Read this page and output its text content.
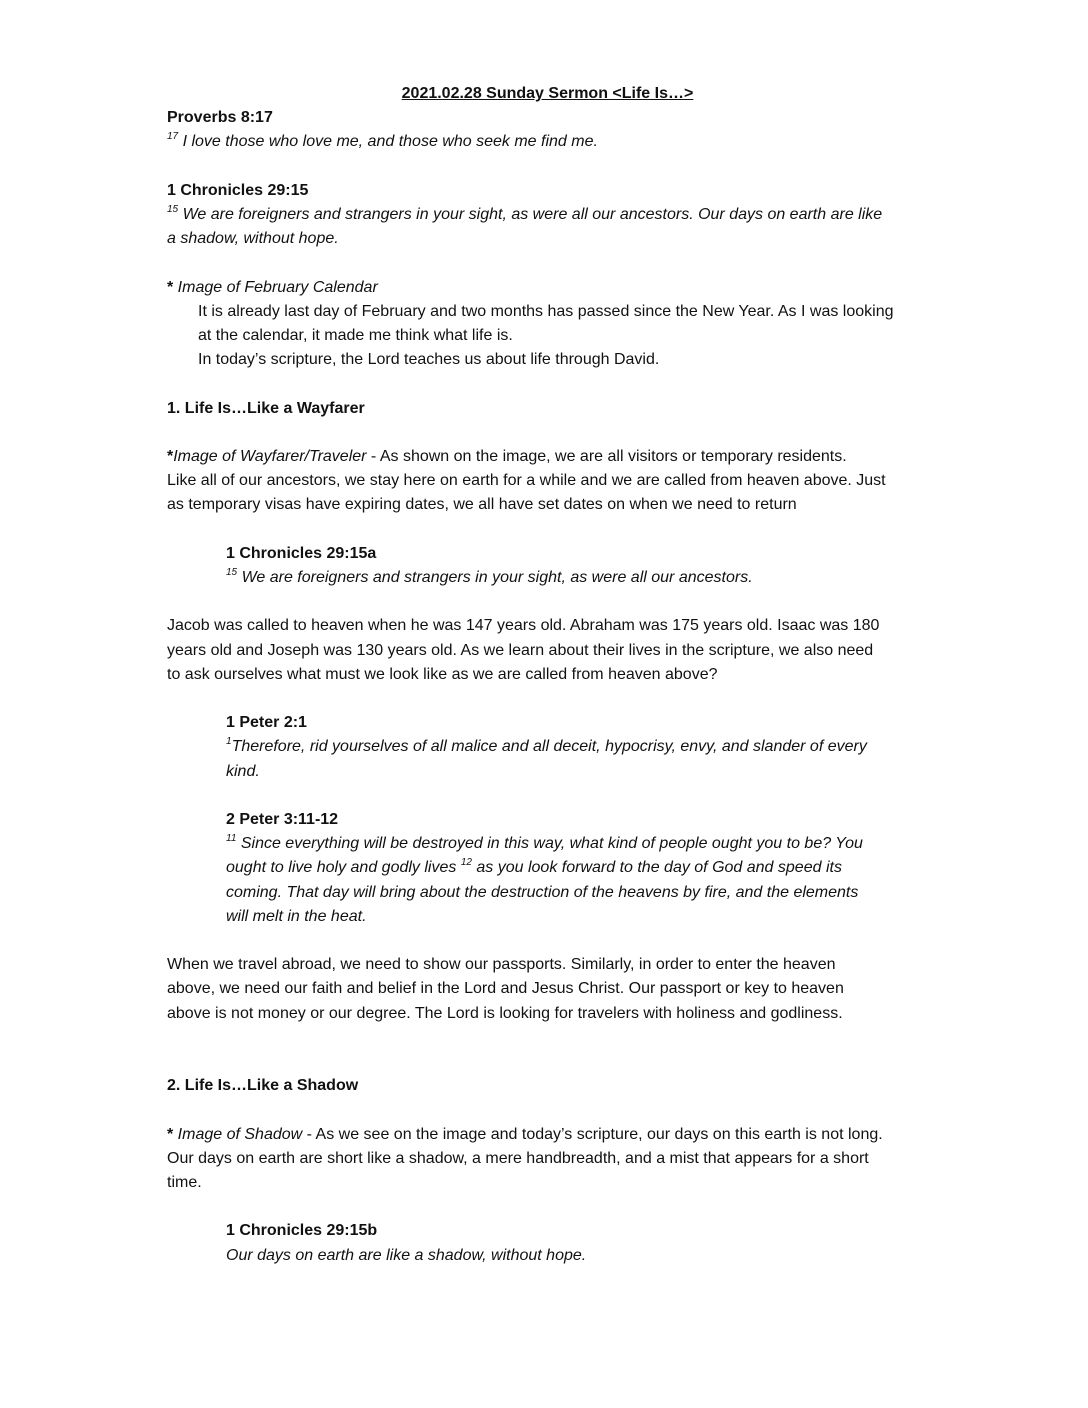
2021.02.28 Sunday Sermon <Life Is…>

Proverbs 8:17

$^{17}$ I love those who love me, and those who seek me find me.

1 Chronicles 29:15

$^{15}$ We are foreigners and strangers in your sight, as were all our ancestors. Our days on earth are like

a shadow, without hope.

* Image of February Calendar

It is already last day of February and two months has passed since the New Year. As I was looking

at the calendar, it made me think what life is.

In today’s scripture, the Lord teaches us about life through David.

1. Life Is…Like a Wayfarer

*Image of Wayfarer/Traveler - As shown on the image, we are all visitors or temporary residents.

Like all of our ancestors, we stay here on earth for a while and we are called from heaven above. Just

as temporary visas have expiring dates, we all have set dates on when we need to return

1 Chronicles 29:15a

$^{15}$ We are foreigners and strangers in your sight, as were all our ancestors.

Jacob was called to heaven when he was 147 years old. Abraham was 175 years old. Isaac was 180

years old and Joseph was 130 years old. As we learn about their lives in the scripture, we also need

to ask ourselves what must we look like as we are called from heaven above?

1 Peter 2:1

$^1$Therefore, rid yourselves of all malice and all deceit, hypocrisy, envy, and slander of every

kind.

2 Peter 3:11-12

$^{11}$ Since everything will be destroyed in this way, what kind of people ought you to be? You

ought to live holy and godly lives $^{12}$ as you look forward to the day of God and speed its

coming. That day will bring about the destruction of the heavens by fire, and the elements

will melt in the heat.

When we travel abroad, we need to show our passports. Similarly, in order to enter the heaven

above, we need our faith and belief in the Lord and Jesus Christ. Our passport or key to heaven

above is not money or our degree. The Lord is looking for travelers with holiness and godliness.

2. Life Is…Like a Shadow

* Image of Shadow - As we see on the image and today’s scripture, our days on this earth is not long.

Our days on earth are short like a shadow, a mere handbreadth, and a mist that appears for a short

time.

1 Chronicles 29:15b

Our days on earth are like a shadow, without hope.
